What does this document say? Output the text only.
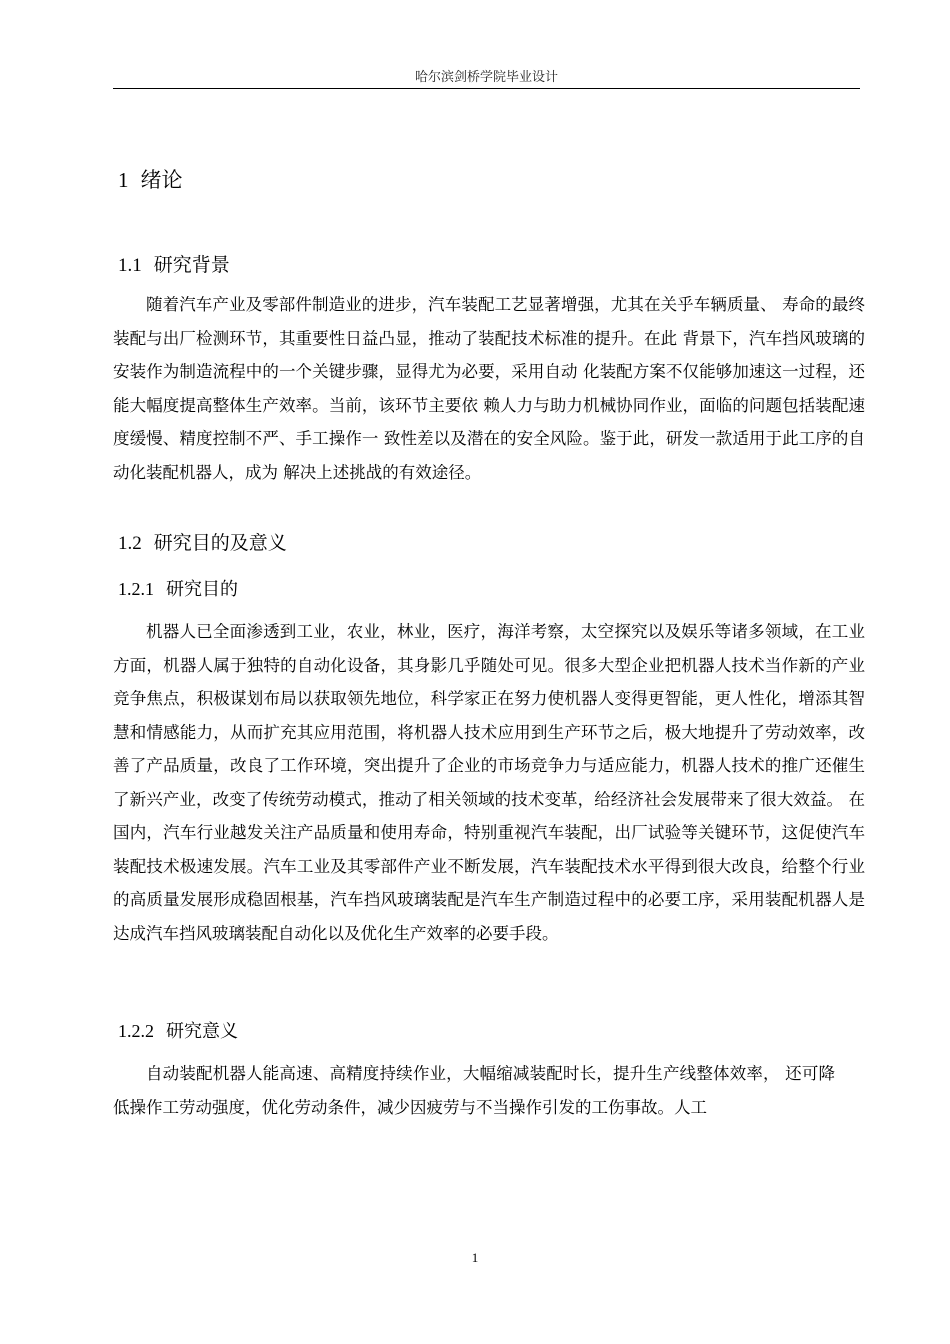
哈尔滨剑桥学院毕业设计
1 绪论
1.1 研究背景

随着汽车产业及零部件制造业的进步，汽车装配工艺显著增强，尤其在关乎车辆质量、 寿命的最终装配与出厂检测环节，其重要性日益凸显，推动了装配技术标准的提升。在此 背景下，汽车挡风玻璃的安装作为制造流程中的一个关键步骤，显得尤为必要，采用自动 化装配方案不仅能够加速这一过程，还能大幅度提高整体生产效率。当前，该环节主要依 赖人力与助力机械协同作业，面临的问题包括装配速度缓慢、精度控制不严、手工操作一 致性差以及潜在的安全风险。鉴于此，研发一款适用于此工序的自动化装配机器人，成为 解决上述挑战的有效途径。

1.2 研究目的及意义
1.2.1 研究目的

机器人已全面渗透到工业，农业，林业，医疗，海洋考察，太空探究以及娱乐等诸多领域，在工业方面，机器人属于独特的自动化设备，其身影几乎随处可见。很多大型企业把机器人技术当作新的产业竞争焦点，积极谋划布局以获取领先地位，科学家正在努力使机器人变得更智能，更人性化，增添其智慧和情感能力，从而扩充其应用范围，将机器人技术应用到生产环节之后，极大地提升了劳动效率，改善了产品质量，改良了工作环境，突出提升了企业的市场竞争力与适应能力，机器人技术的推广还催生了新兴产业，改变了传统劳动模式，推动了相关领域的技术变革，给经济社会发展带来了很大效益。 在国内，汽车行业越发关注产品质量和使用寿命，特别重视汽车装配，出厂试验等关键环节，这促使汽车装配技术极速发展。汽车工业及其零部件产业不断发展，汽车装配技术水平得到很大改良，给整个行业的高质量发展形成稳固根基，汽车挡风玻璃装配是汽车生产制造过程中的必要工序，采用装配机器人是达成汽车挡风玻璃装配自动化以及优化生产效率的必要手段。

1.2.2 研究意义

自动装配机器人能高速、高精度持续作业，大幅缩减装配时长，提升生产线整体效率， 还可降低操作工劳动强度，优化劳动条件，减少因疲劳与不当操作引发的工伤事故。人工

1
